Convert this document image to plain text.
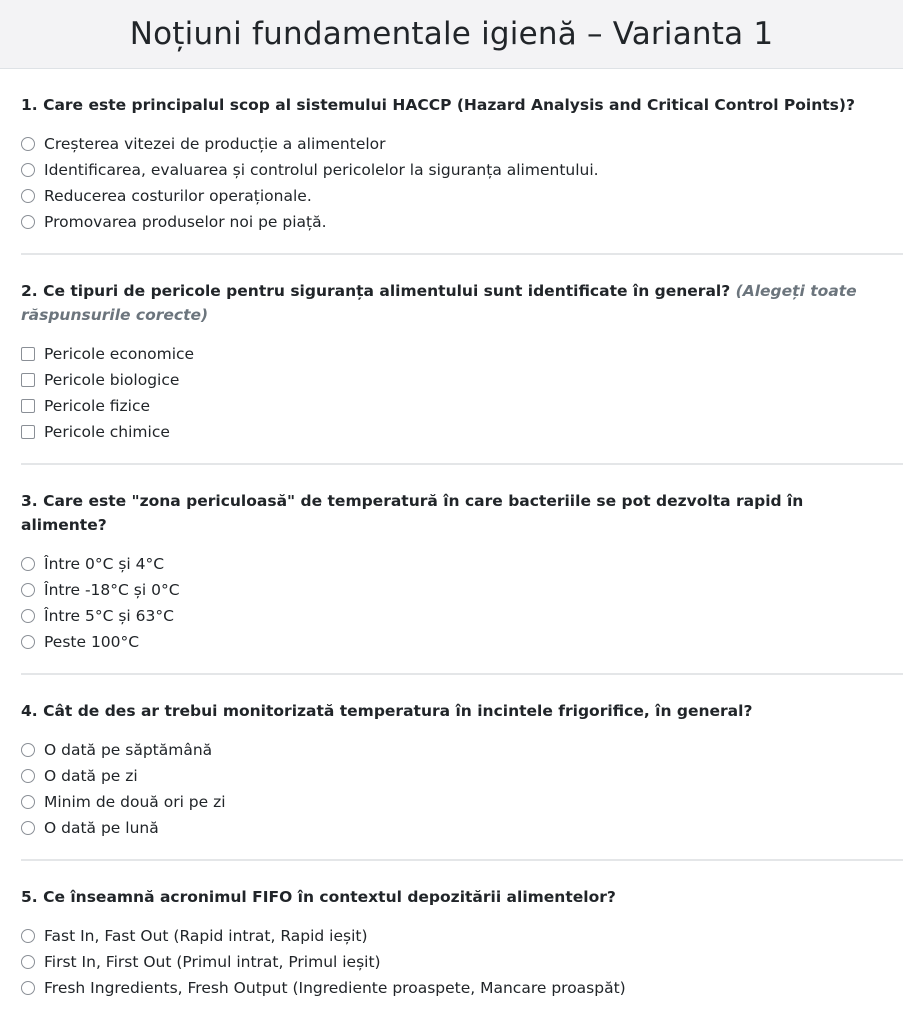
Noțiuni fundamentale igienă – Varianta 1
1. Care este principalul scop al sistemului HACCP (Hazard Analysis and Critical Control Points)?
Creșterea vitezei de producție a alimentelor
Identificarea, evaluarea și controlul pericolelor la siguranța alimentului.
Reducerea costurilor operaționale.
Promovarea produselor noi pe piață.
2. Ce tipuri de pericole pentru siguranța alimentului sunt identificate în general? (Alegeți toate răspunsurile corecte)
Pericole economice
Pericole biologice
Pericole fizice
Pericole chimice
3. Care este "zona periculoasă" de temperatură în care bacteriile se pot dezvolta rapid în alimente?
Între 0°C și 4°C
Între -18°C și 0°C
Între 5°C și 63°C
Peste 100°C
4. Cât de des ar trebui monitorizată temperatura în incintele frigorifice, în general?
O dată pe săptămână
O dată pe zi
Minim de două ori pe zi
O dată pe lună
5. Ce înseamnă acronimul FIFO în contextul depozitării alimentelor?
Fast In, Fast Out (Rapid intrat, Rapid ieșit)
First In, First Out (Primul intrat, Primul ieșit)
Fresh Ingredients, Fresh Output (Ingrediente proaspete, Mancare proaspăt)
